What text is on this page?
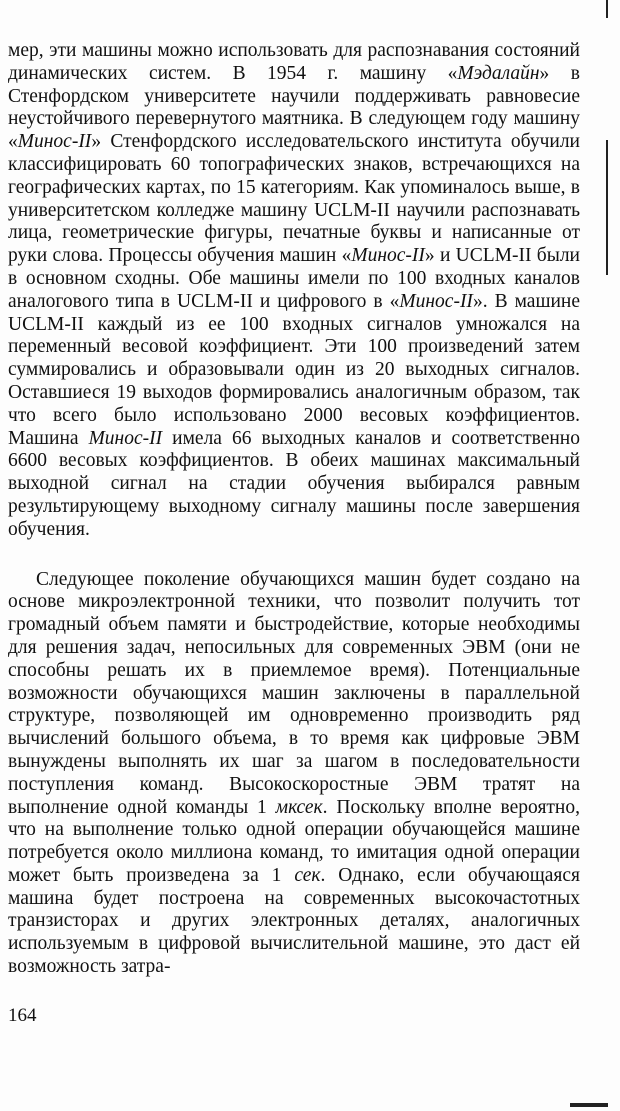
мер, эти машины можно использовать для распознавания состояний динамических систем. В 1954 г. машину «Мэдалайн» в Стенфордском университете научили поддерживать равновесие неустойчивого перевернутого маятника. В следующем году машину «Минос-II» Стенфордского исследовательского института обучили классифицировать 60 топографических знаков, встречающихся на географических картах, по 15 категориям. Как упоминалось выше, в университетском колледже машину UCLM-II научили распознавать лица, геометрические фигуры, печатные буквы и написанные от руки слова. Процессы обучения машин «Минос-II» и UCLM-II были в основном сходны. Обе машины имели по 100 входных каналов аналогового типа в UCLM-II и цифрового в «Минос-II». В машине UCLM-II каждый из ее 100 входных сигналов умножался на переменный весовой коэффициент. Эти 100 произведений затем суммировались и образовывали один из 20 выходных сигналов. Оставшиеся 19 выходов формировались аналогичным образом, так что всего было использовано 2000 весовых коэффициентов. Машина Минос-II имела 66 выходных каналов и соответственно 6600 весовых коэффициентов. В обеих машинах максимальный выходной сигнал на стадии обучения выбирался равным результирующему выходному сигналу машины после завершения обучения.

Следующее поколение обучающихся машин будет создано на основе микроэлектронной техники, что позволит получить тот громадный объем памяти и быстродействие, которые необходимы для решения задач, непосильных для современных ЭВМ (они не способны решать их в приемлемое время). Потенциальные возможности обучающихся машин заключены в параллельной структуре, позволяющей им одновременно производить ряд вычислений большого объема, в то время как цифровые ЭВМ вынуждены выполнять их шаг за шагом в последовательности поступления команд. Высокоскоростные ЭВМ тратят на выполнение одной команды 1 мксек. Поскольку вполне вероятно, что на выполнение только одной операции обучающейся машине потребуется около миллиона команд, то имитация одной операции может быть произведена за 1 сек. Однако, если обучающаяся машина будет построена на современных высокочастотных транзисторах и других электронных деталях, аналогичных используемым в цифровой вычислительной машине, это даст ей возможность затра-

164
